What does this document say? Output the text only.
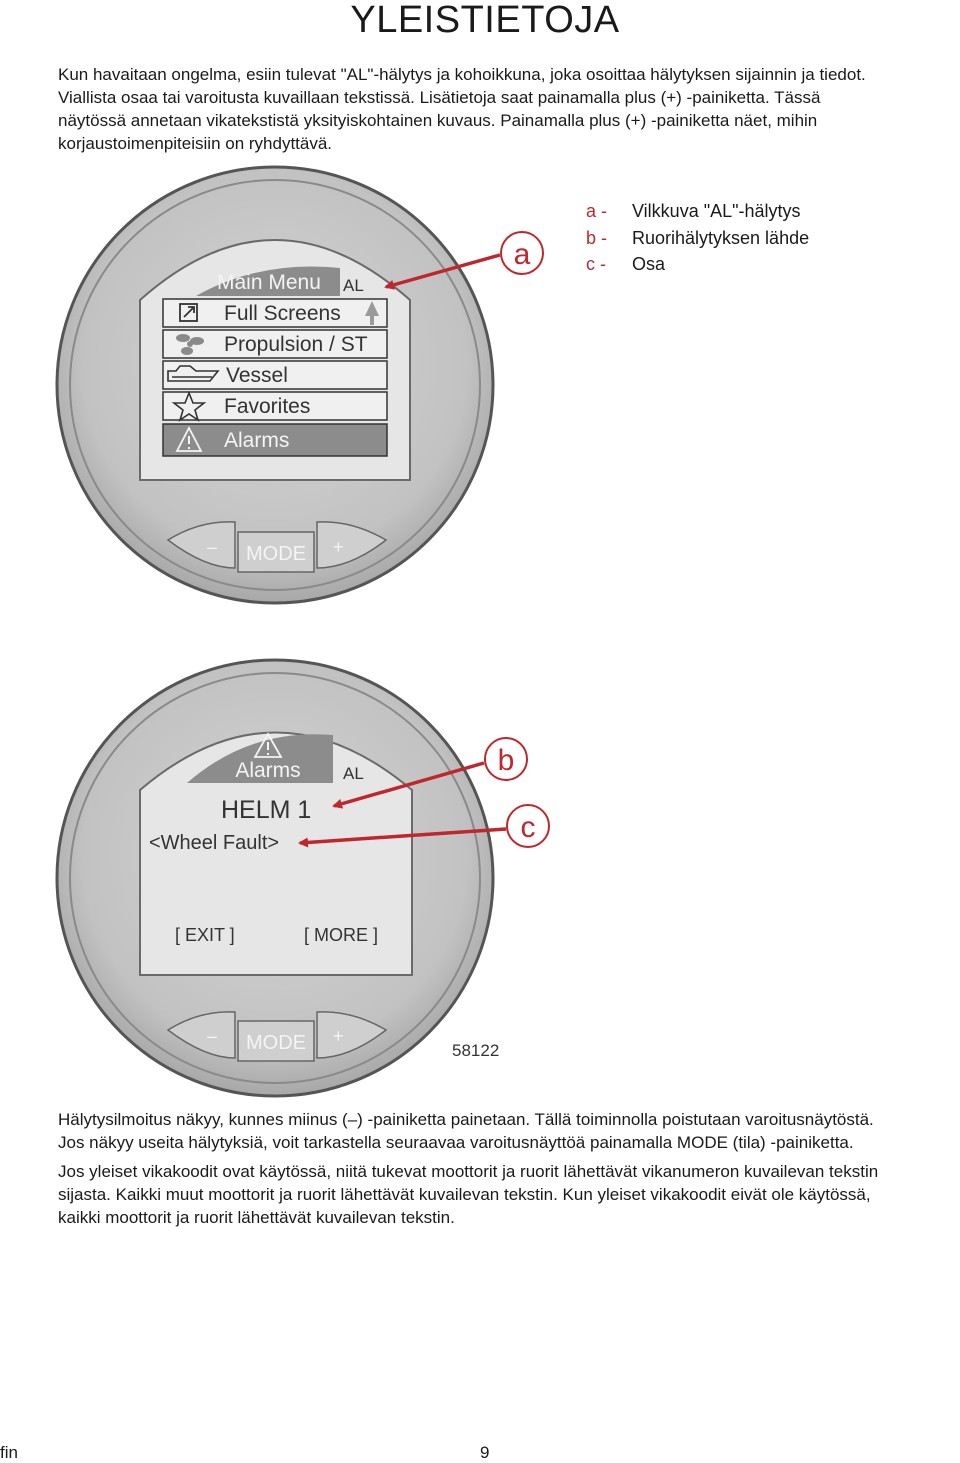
YLEISTIETOJA
Kun havaitaan ongelma, esiin tulevat "AL"-hälytys ja kohoikkuna, joka osoittaa hälytyksen sijainnin ja tiedot.
Viallista osaa tai varoitusta kuvaillaan tekstissä. Lisätietoja saat painamalla plus (+) -painiketta. Tässä
näytössä annetaan vikatekstistä yksityiskohtainen kuvaus. Painamalla plus (+) -painiketta näet, mihin
korjaustoimenpiteisiin on ryhdyttävä.
a -	Vilkkuva "AL"-hälytys
b -	Ruorihälytyksen lähde
c -	Osa
Main Menu AL
Full Screens
Propulsion / ST
Vessel
Favorites
Alarms
– MODE +
a
Alarms AL
HELM 1
<Wheel Fault>
[ EXIT ]	[ MORE ]
– MODE +
b
c
58122
Hälytysilmoitus näkyy, kunnes miinus (–) -painiketta painetaan. Tällä toiminnolla poistutaan varoitusnäytöstä.
Jos näkyy useita hälytyksiä, voit tarkastella seuraavaa varoitusnäyttöä painamalla MODE (tila) -painiketta.
Jos yleiset vikakoodit ovat käytössä, niitä tukevat moottorit ja ruorit lähettävät vikanumeron kuvailevan tekstin
sijasta. Kaikki muut moottorit ja ruorit lähettävät kuvailevan tekstin. Kun yleiset vikakoodit eivät ole käytössä,
kaikki moottorit ja ruorit lähettävät kuvailevan tekstin.
fin	9
